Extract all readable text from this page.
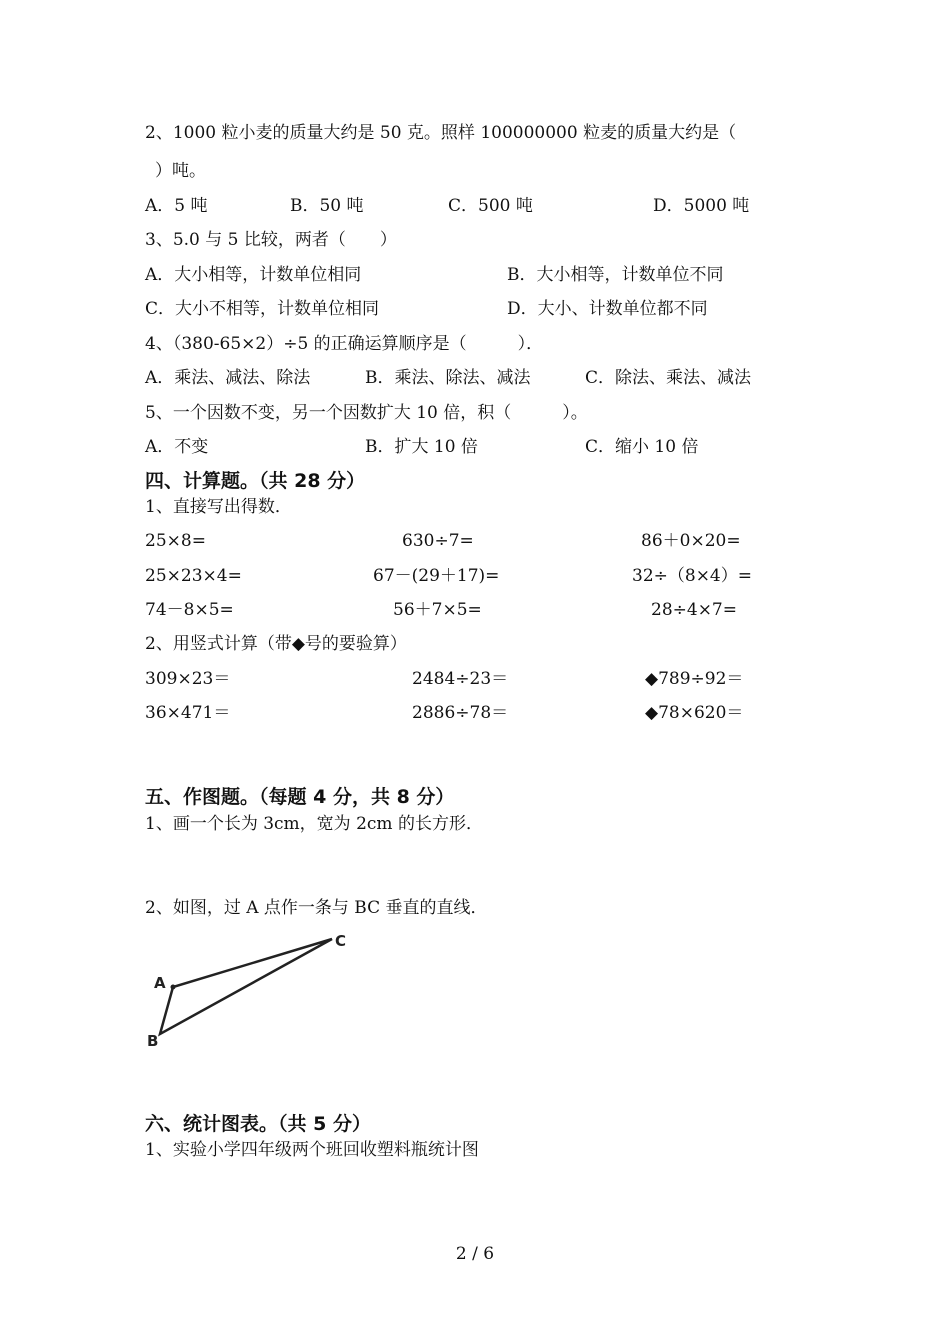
2、1000 粒小麦的质量大约是 50 克。照样 100000000 粒麦的质量大约是（
）吨。
A．5 吨	B．50 吨	C．500 吨	D．5000 吨
3、5.0 与 5 比较，两者（　　）
A．大小相等，计数单位相同	B．大小相等，计数单位不同
C．大小不相等，计数单位相同	D．大小、计数单位都不同
4、（380-65×2）÷5 的正确运算顺序是（　　　）．
A．乘法、减法、除法	B．乘法、除法、减法	C．除法、乘法、减法
5、一个因数不变，另一个因数扩大 10 倍，积（　　　）。
A．不变	B．扩大 10 倍	C．缩小 10 倍
四、计算题。（共 28 分）
1、直接写出得数．
25×8=	630÷7=	86＋0×20=
25×23×4=	67－(29＋17)=	32÷（8×4）=
74－8×5=	56＋7×5=	28÷4×7=
2、用竖式计算（带◆号的要验算）
309×23＝	2484÷23＝	◆789÷92＝
36×471＝	2886÷78＝	◆78×620＝
五、作图题。（每题 4 分，共 8 分）
1、画一个长为 3cm，宽为 2cm 的长方形．
2、如图，过 A 点作一条与 BC 垂直的直线．
A
B
C
六、统计图表。（共 5 分）
1、实验小学四年级两个班回收塑料瓶统计图
2 / 6
